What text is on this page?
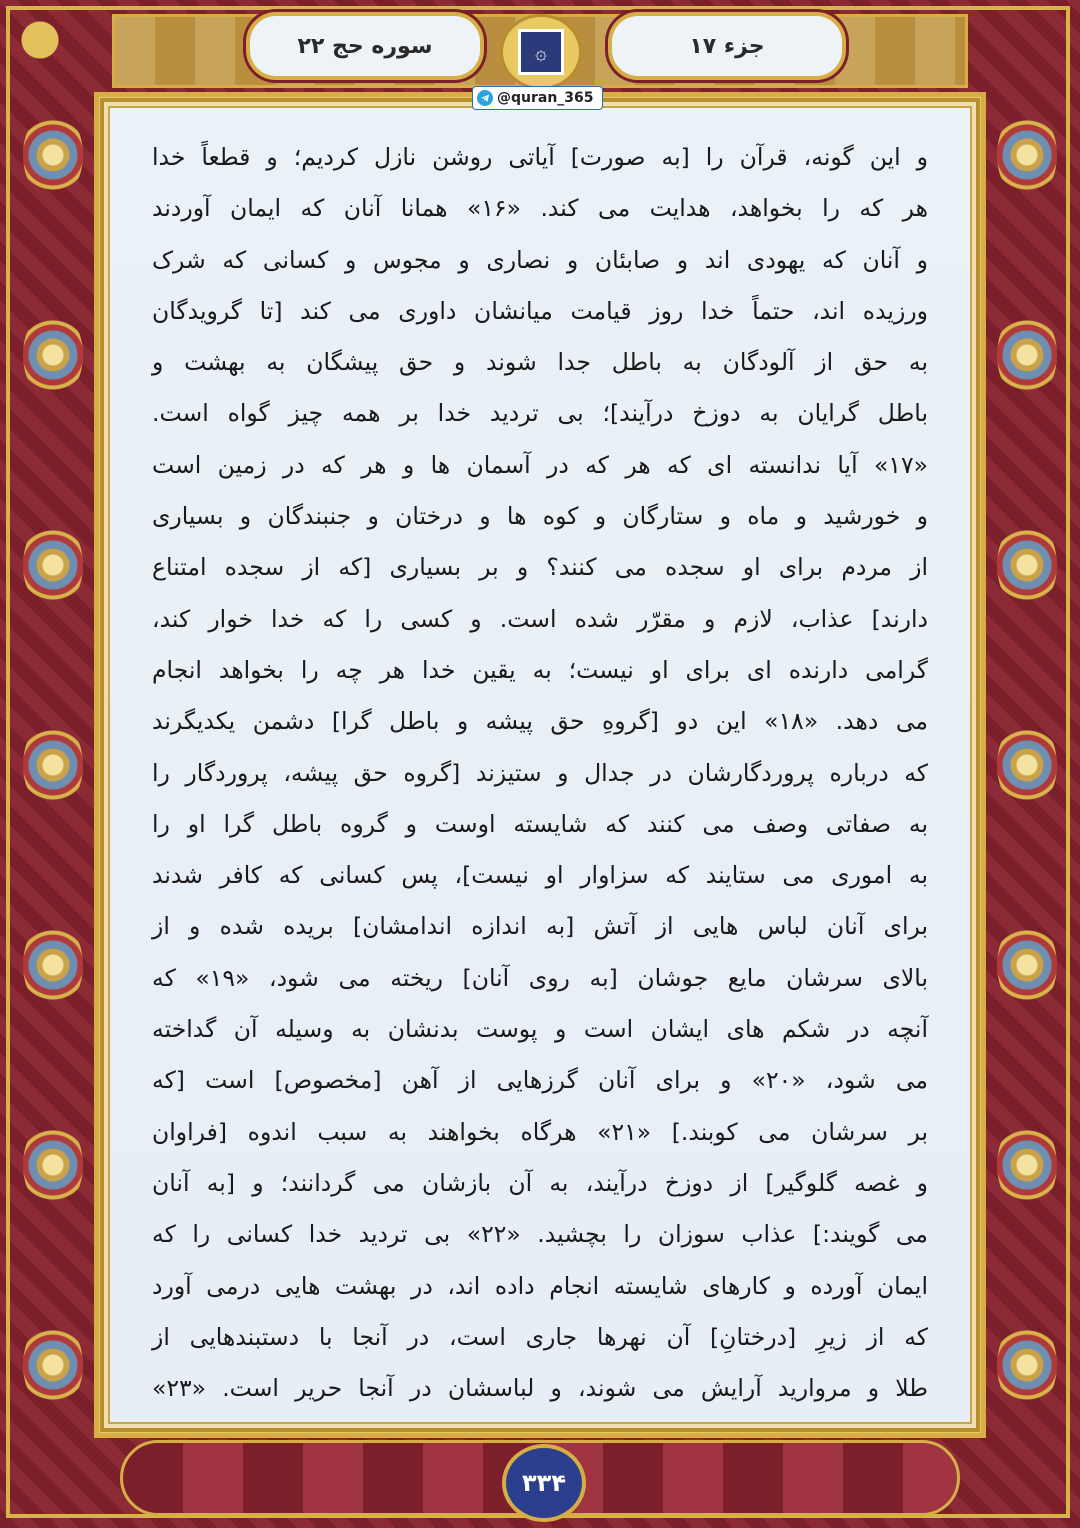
سوره حج ۲۲	۞	جزء ۱۷
@quran_365

و این گونه، قرآن را [به صورت] آیاتی روشن نازل کردیم؛ و قطعاً خدا

هر که را بخواهد، هدایت می کند. «۱۶» همانا آنان که ایمان آوردند

و آنان که یهودی اند و صابئان و نصاری و مجوس و کسانی که شرک

ورزیده اند، حتماً خدا روز قیامت میانشان داوری می کند [تا گرویدگان

به حق از آلودگان به باطل جدا شوند و حق پیشگان به بهشت و

باطل گرایان به دوزخ درآیند]؛ بی تردید خدا بر همه چیز گواه است.

«۱۷» آیا ندانسته ای که هر که در آسمان ها و هر که در زمین است

و خورشید و ماه و ستارگان و کوه ها و درختان و جنبندگان و بسیاری

از مردم برای او سجده می کنند؟ و بر بسیاری [که از سجده امتناع

دارند] عذاب، لازم و مقرّر شده است. و کسی را که خدا خوار کند،

گرامی دارنده ای برای او نیست؛ به یقین خدا هر چه را بخواهد انجام

می دهد. «۱۸» این دو [گروهِ حق پیشه و باطل گرا] دشمن یکدیگرند

که درباره پروردگارشان در جدال و ستیزند [گروه حق پیشه، پروردگار را

به صفاتی وصف می کنند که شایسته اوست و گروه باطل گرا او را

به اموری می ستایند که سزاوار او نیست]، پس کسانی که کافر شدند

برای آنان لباس هایی از آتش [به اندازه اندامشان] بریده شده و از

بالای سرشان مایع جوشان [به روی آنان] ریخته می شود، «۱۹» که

آنچه در شکم های ایشان است و پوست بدنشان به وسیله آن گداخته

می شود، «۲۰» و برای آنان گرزهایی از آهن [مخصوص] است [که

بر سرشان می کوبند.] «۲۱» هرگاه بخواهند به سبب اندوه [فراوان

و غصه گلوگیر] از دوزخ درآیند، به آن بازشان می گردانند؛ و [به آنان

می گویند:] عذاب سوزان را بچشید. «۲۲» بی تردید خدا کسانی را که

ایمان آورده و کارهای شایسته انجام داده اند، در بهشت هایی درمی آورد

که از زیرِ [درختانِ] آن نهرها جاری است، در آنجا با دستبندهایی از

طلا و مروارید آرایش می شوند، و لباسشان در آنجا حریر است. «۲۳»

۳۳۴
